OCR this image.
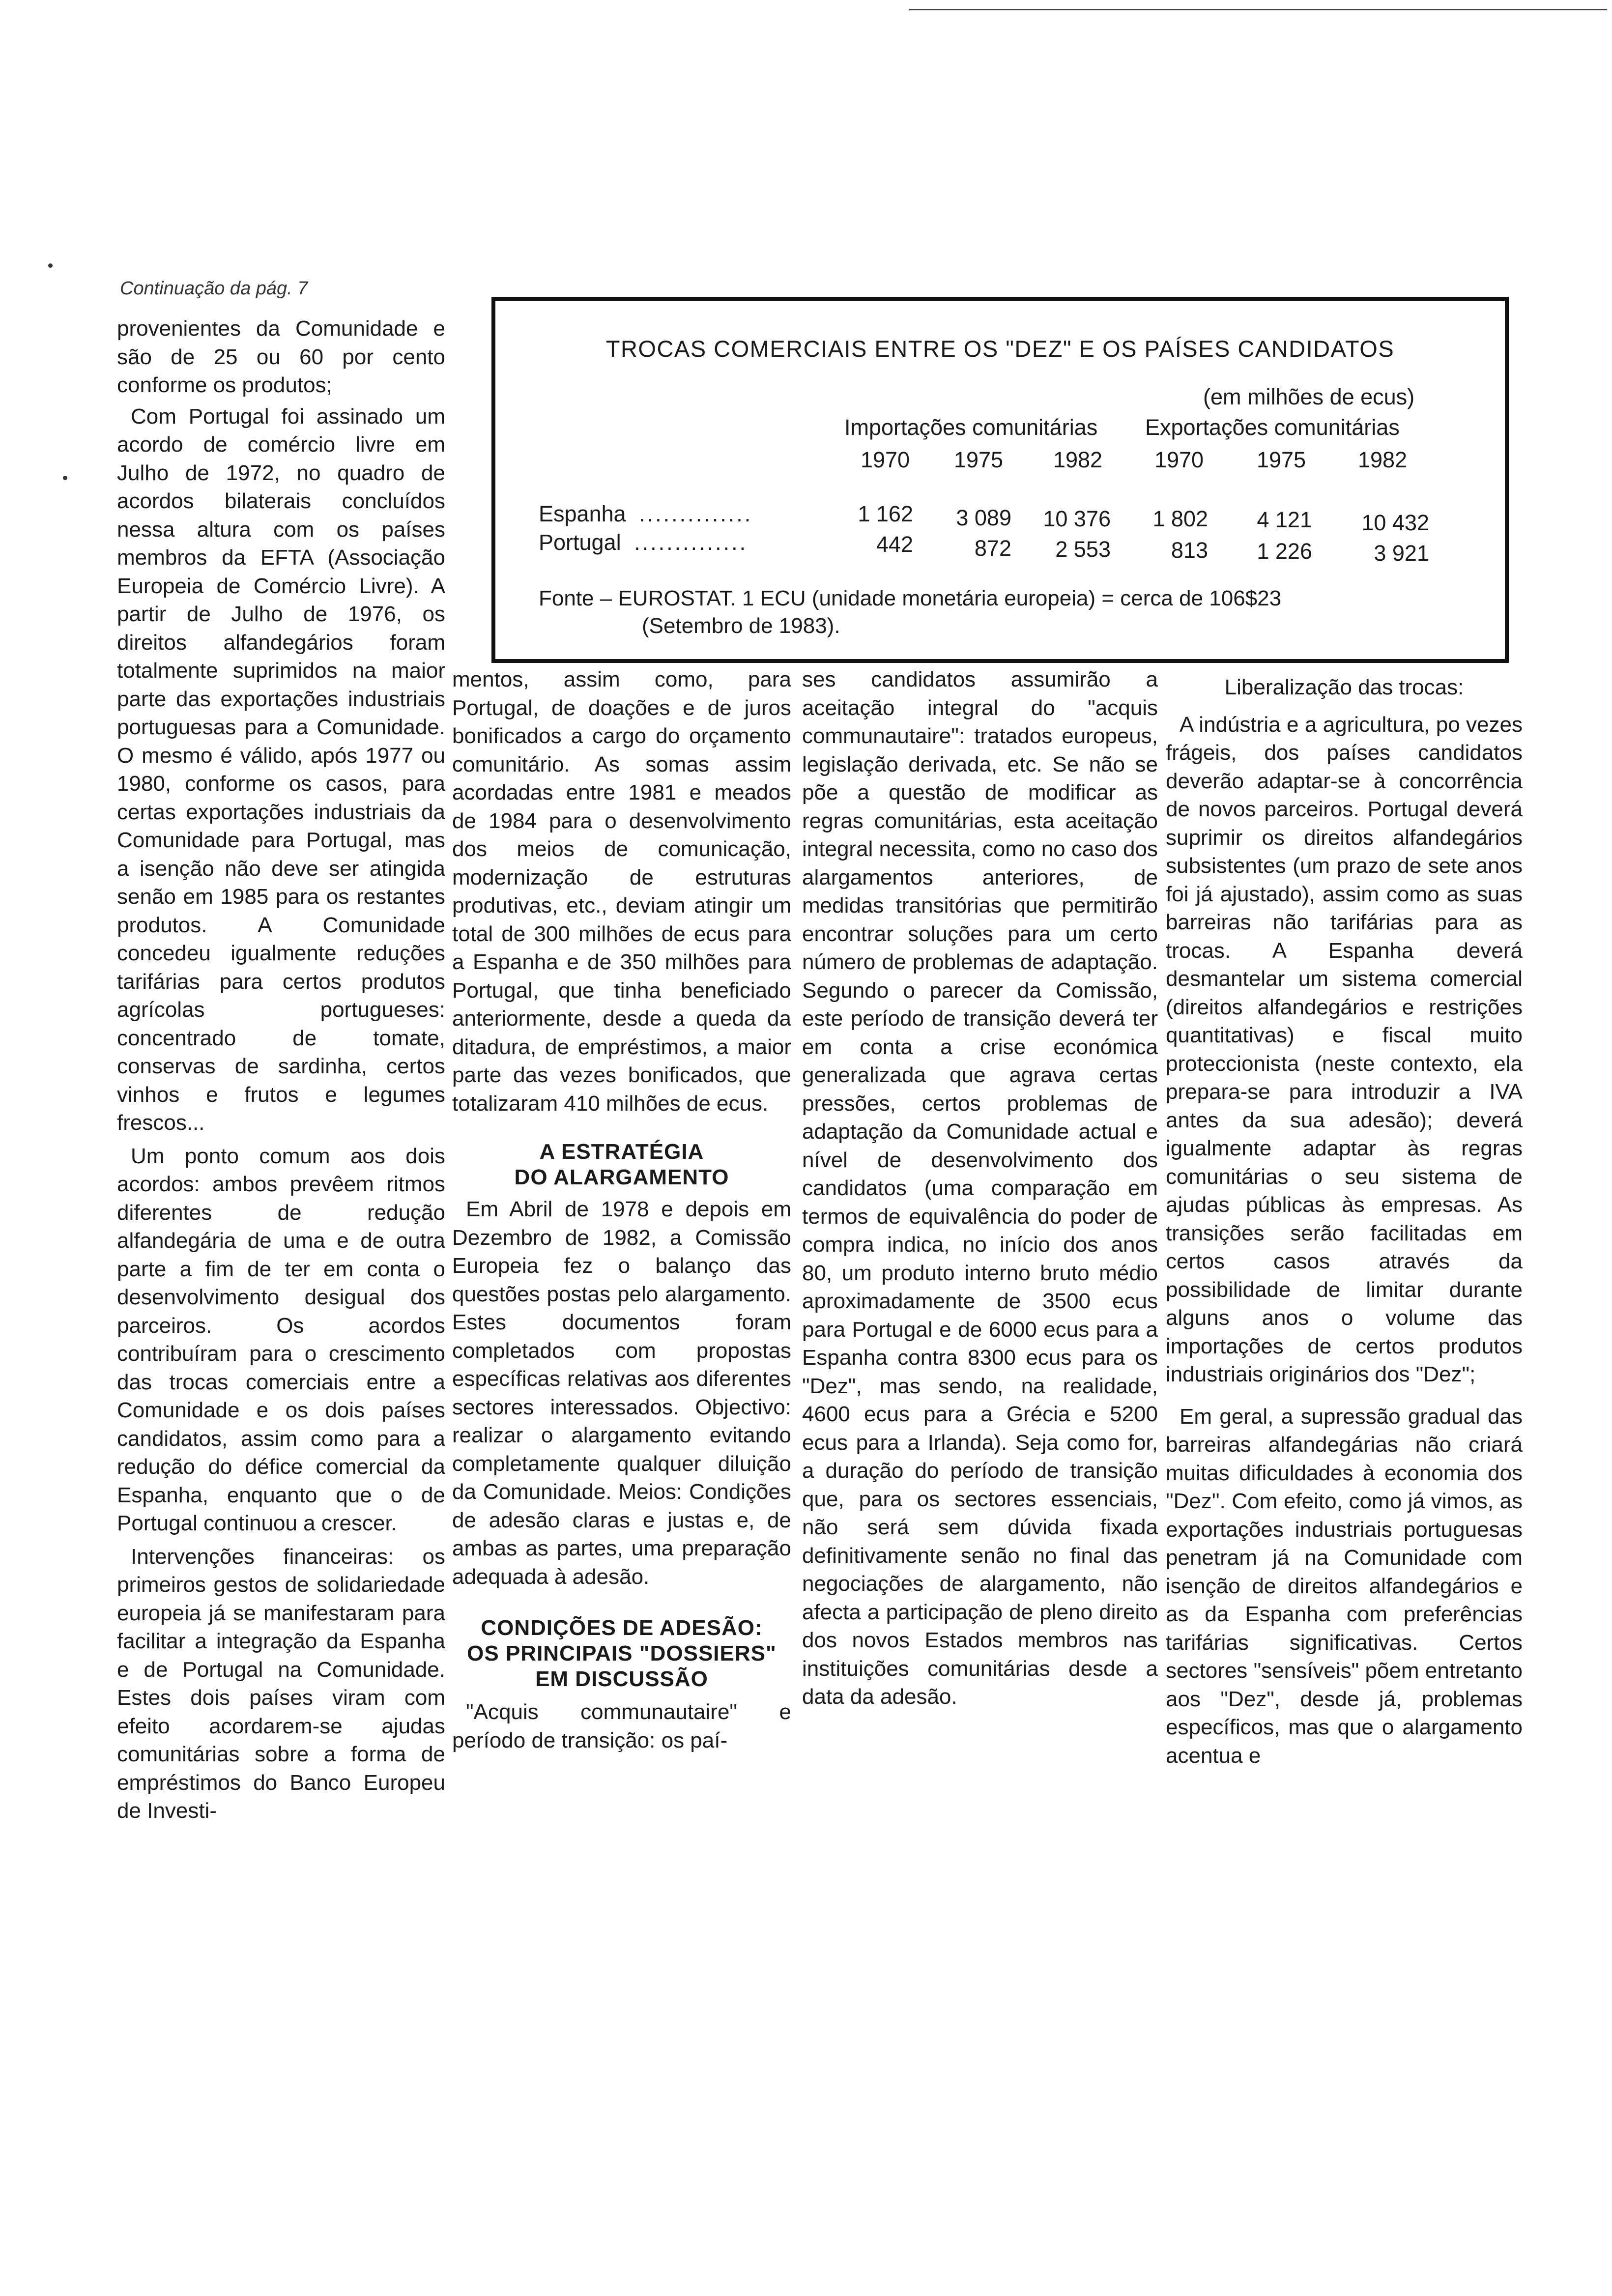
Continuação da pág. 7
TROCAS COMERCIAIS ENTRE OS "DEZ" E OS PAÍSES CANDIDATOS
(em milhões de ecus)
Importações comunitárias Exportações comunitárias
1970	1975	1982	1970	1975	1982
Espanha ..............	1 162	3 089	10 376	1 802	4 121	10 432
Portugal ..............	442	872	2 553	813	1 226	3 921
Fonte – EUROSTAT. 1 ECU (unidade monetária europeia) = cerca de 106$23
(Setembro de 1983).

provenientes da Comunidade e são de 25 ou 60 por cento conforme os produtos;

Com Portugal foi assinado um acordo de comércio livre em Julho de 1972, no quadro de acordos bilaterais concluídos nessa altura com os países membros da EFTA (Associação Europeia de Comércio Livre). A partir de Julho de 1976, os direitos alfandegários foram totalmente suprimidos na maior parte das exportações industriais portuguesas para a Comunidade. O mesmo é válido, após 1977 ou 1980, conforme os casos, para certas exportações industriais da Comunidade para Portugal, mas a isenção não deve ser atingida senão em 1985 para os restantes produtos. A Comunidade concedeu igualmente reduções tarifárias para certos produtos agrícolas portugueses: concentrado de tomate, conservas de sardinha, certos vinhos e frutos e legumes frescos...

Um ponto comum aos dois acordos: ambos prevêem ritmos diferentes de redução alfandegária de uma e de outra parte a fim de ter em conta o desenvolvimento desigual dos parceiros. Os acordos contribuíram para o crescimento das trocas comerciais entre a Comunidade e os dois países candidatos, assim como para a redução do défice comercial da Espanha, enquanto que o de Portugal continuou a crescer.

Intervenções financeiras: os primeiros gestos de solidariedade europeia já se manifestaram para facilitar a integração da Espanha e de Portugal na Comunidade. Estes dois países viram com efeito acordarem-se ajudas comunitárias sobre a forma de empréstimos do Banco Europeu de Investi-

mentos, assim como, para Portugal, de doações e de juros bonificados a cargo do orçamento comunitário. As somas assim acordadas entre 1981 e meados de 1984 para o desenvolvimento dos meios de comunicação, modernização de estruturas produtivas, etc., deviam atingir um total de 300 milhões de ecus para a Espanha e de 350 milhões para Portugal, que tinha beneficiado anteriormente, desde a queda da ditadura, de empréstimos, a maior parte das vezes bonificados, que totalizaram 410 milhões de ecus.

A ESTRATÉGIA
DO ALARGAMENTO

Em Abril de 1978 e depois em Dezembro de 1982, a Comissão Europeia fez o balanço das questões postas pelo alargamento. Estes documentos foram completados com propostas específicas relativas aos diferentes sectores interessados. Objectivo: realizar o alargamento evitando completamente qualquer diluição da Comunidade. Meios: Condições de adesão claras e justas e, de ambas as partes, uma preparação adequada à adesão.

CONDIÇÕES DE ADESÃO:
OS PRINCIPAIS "DOSSIERS"
EM DISCUSSÃO

"Acquis communautaire" e período de transição: os paí-

ses candidatos assumirão a aceitação integral do "acquis communautaire": tratados europeus, legislação derivada, etc. Se não se põe a questão de modificar as regras comunitárias, esta aceitação integral necessita, como no caso dos alargamentos anteriores, de medidas transitórias que permitirão encontrar soluções para um certo número de problemas de adaptação. Segundo o parecer da Comissão, este período de transição deverá ter em conta a crise económica generalizada que agrava certas pressões, certos problemas de adaptação da Comunidade actual e nível de desenvolvimento dos candidatos (uma comparação em termos de equivalência do poder de compra indica, no início dos anos 80, um produto interno bruto médio aproximadamente de 3500 ecus para Portugal e de 6000 ecus para a Espanha contra 8300 ecus para os "Dez", mas sendo, na realidade, 4600 ecus para a Grécia e 5200 ecus para a Irlanda). Seja como for, a duração do período de transição que, para os sectores essenciais, não será sem dúvida fixada definitivamente senão no final das negociações de alargamento, não afecta a participação de pleno direito dos novos Estados membros nas instituições comunitárias desde a data da adesão.

Liberalização das trocas:

A indústria e a agricultura, po vezes frágeis, dos países candidatos deverão adaptar-se à concorrência de novos parceiros. Portugal deverá suprimir os direitos alfandegários subsistentes (um prazo de sete anos foi já ajustado), assim como as suas barreiras não tarifárias para as trocas. A Espanha deverá desmantelar um sistema comercial (direitos alfandegários e restrições quantitativas) e fiscal muito proteccionista (neste contexto, ela prepara-se para introduzir a IVA antes da sua adesão); deverá igualmente adaptar às regras comunitárias o seu sistema de ajudas públicas às empresas. As transições serão facilitadas em certos casos através da possibilidade de limitar durante alguns anos o volume das importações de certos produtos industriais originários dos "Dez";

Em geral, a supressão gradual das barreiras alfandegárias não criará muitas dificuldades à economia dos "Dez". Com efeito, como já vimos, as exportações industriais portuguesas penetram já na Comunidade com isenção de direitos alfandegários e as da Espanha com preferências tarifárias significativas. Certos sectores "sensíveis" põem entretanto aos "Dez", desde já, problemas específicos, mas que o alargamento acentua e
